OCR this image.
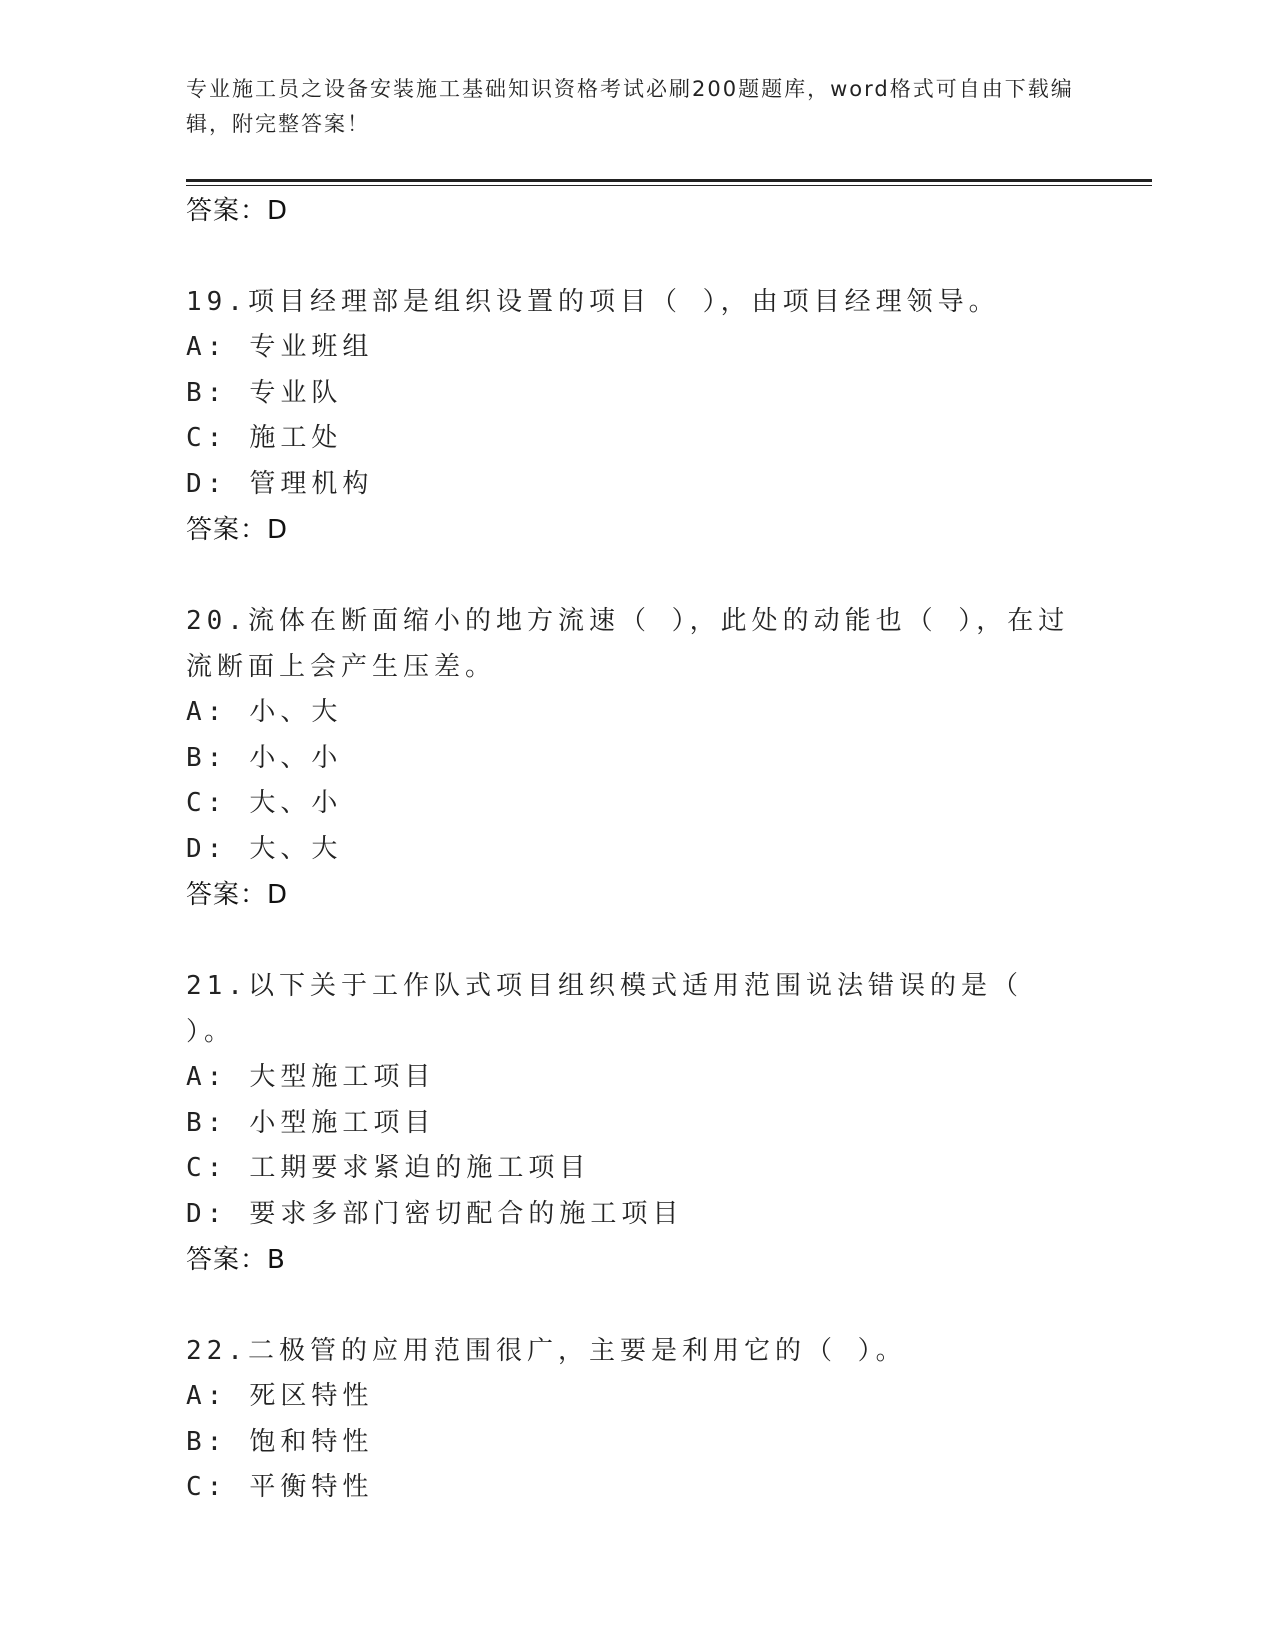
专业施工员之设备安装施工基础知识资格考试必刷200题题库，word格式可自由下载编辑，附完整答案！
答案：D
19.项目经理部是组织设置的项目（ ），由项目经理领导。
A: 专业班组
B: 专业队
C: 施工处
D: 管理机构
答案：D
20.流体在断面缩小的地方流速（ ），此处的动能也（ ），在过流断面上会产生压差。
A: 小、大
B: 小、小
C: 大、小
D: 大、大
答案：D
21.以下关于工作队式项目组织模式适用范围说法错误的是（ ）。
A: 大型施工项目
B: 小型施工项目
C: 工期要求紧迫的施工项目
D: 要求多部门密切配合的施工项目
答案：B
22.二极管的应用范围很广，主要是利用它的（ ）。
A: 死区特性
B: 饱和特性
C: 平衡特性
